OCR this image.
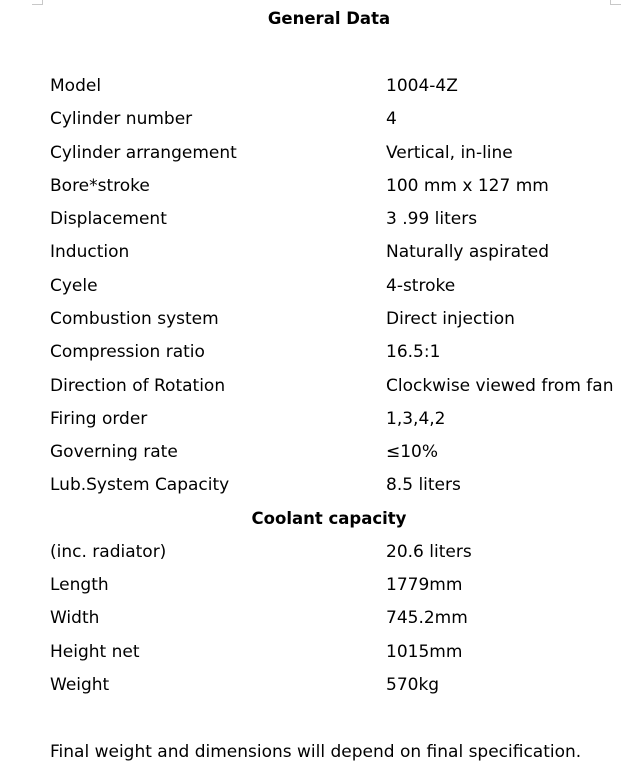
General Data
Model	1004-4Z
Cylinder number	4
Cylinder arrangement	Vertical, in-line
Bore*stroke	100 mm x 127 mm
Displacement	3 .99 liters
Induction	Naturally aspirated
Cyele	4-stroke
Combustion system	Direct injection
Compression ratio	16.5:1
Direction of Rotation	Clockwise viewed from fan
Firing order	1,3,4,2
Governing rate	≤10%
Lub.System Capacity	8.5 liters
Coolant capacity
(inc. radiator)	20.6 liters
Length	1779mm
Width	745.2mm
Height net	1015mm
Weight	570kg
Final weight and dimensions will depend on final specification.
